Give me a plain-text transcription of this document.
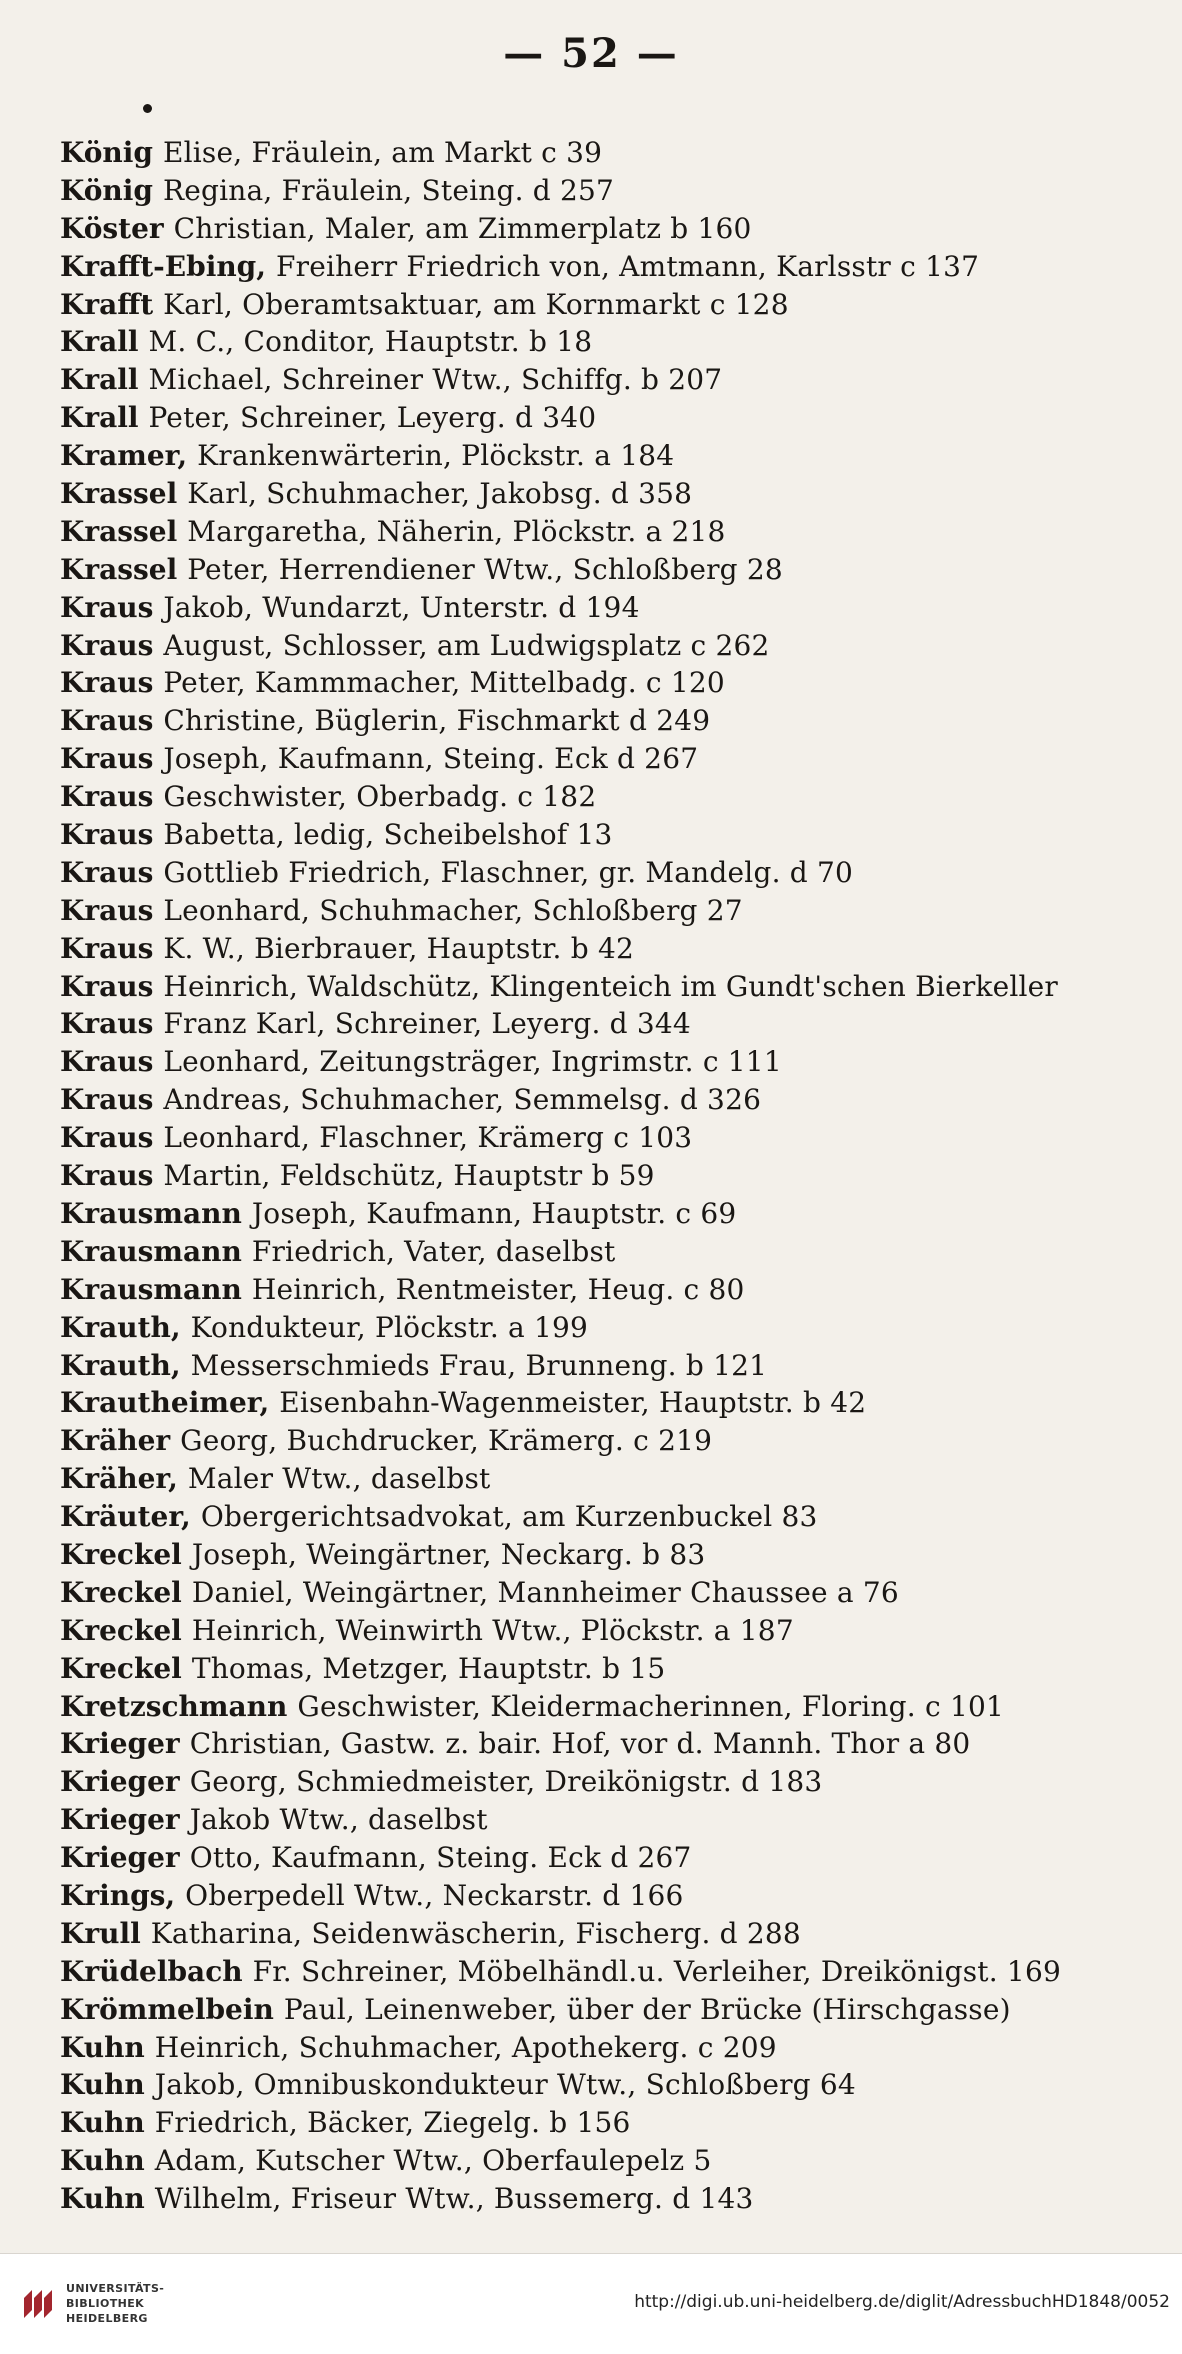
— 52 —
König Elise, Fräulein, am Markt c 39
König Regina, Fräulein, Steing. d 257
Köster Christian, Maler, am Zimmerplatz b 160
Krafft-Ebing, Freiherr Friedrich von, Amtmann, Karlsstr c 137
Krafft Karl, Oberamtsaktuar, am Kornmarkt c 128
Krall M. C., Conditor, Hauptstr. b 18
Krall Michael, Schreiner Wtw., Schiffg. b 207
Krall Peter, Schreiner, Leyerg. d 340
Kramer, Krankenwärterin, Plöckstr. a 184
Krassel Karl, Schuhmacher, Jakobsg. d 358
Krassel Margaretha, Näherin, Plöckstr. a 218
Krassel Peter, Herrendiener Wtw., Schloßberg 28
Kraus Jakob, Wundarzt, Unterstr. d 194
Kraus August, Schlosser, am Ludwigsplatz c 262
Kraus Peter, Kammmacher, Mittelbadg. c 120
Kraus Christine, Büglerin, Fischmarkt d 249
Kraus Joseph, Kaufmann, Steing. Eck d 267
Kraus Geschwister, Oberbadg. c 182
Kraus Babetta, ledig, Scheibelshof 13
Kraus Gottlieb Friedrich, Flaschner, gr. Mandelg. d 70
Kraus Leonhard, Schuhmacher, Schloßberg 27
Kraus K. W., Bierbrauer, Hauptstr. b 42
Kraus Heinrich, Waldschütz, Klingenteich im Gundt'schen Bierkeller
Kraus Franz Karl, Schreiner, Leyerg. d 344
Kraus Leonhard, Zeitungsträger, Ingrimstr. c 111
Kraus Andreas, Schuhmacher, Semmelsg. d 326
Kraus Leonhard, Flaschner, Krämerg c 103
Kraus Martin, Feldschütz, Hauptstr b 59
Krausmann Joseph, Kaufmann, Hauptstr. c 69
Krausmann Friedrich, Vater, daselbst
Krausmann Heinrich, Rentmeister, Heug. c 80
Krauth, Kondukteur, Plöckstr. a 199
Krauth, Messerschmieds Frau, Brunneng. b 121
Krautheimer, Eisenbahn-Wagenmeister, Hauptstr. b 42
Kräher Georg, Buchdrucker, Krämerg. c 219
Kräher, Maler Wtw., daselbst
Kräuter, Obergerichtsadvokat, am Kurzenbuckel 83
Kreckel Joseph, Weingärtner, Neckarg. b 83
Kreckel Daniel, Weingärtner, Mannheimer Chaussee a 76
Kreckel Heinrich, Weinwirth Wtw., Plöckstr. a 187
Kreckel Thomas, Metzger, Hauptstr. b 15
Kretzschmann Geschwister, Kleidermacherinnen, Floring. c 101
Krieger Christian, Gastw. z. bair. Hof, vor d. Mannh. Thor a 80
Krieger Georg, Schmiedmeister, Dreikönigstr. d 183
Krieger Jakob Wtw., daselbst
Krieger Otto, Kaufmann, Steing. Eck d 267
Krings, Oberpedell Wtw., Neckarstr. d 166
Krull Katharina, Seidenwäscherin, Fischerg. d 288
Krüdelbach Fr. Schreiner, Möbelhändl.u. Verleiher, Dreikönigst. 169
Krömmelbein Paul, Leinenweber, über der Brücke (Hirschgasse)
Kuhn Heinrich, Schuhmacher, Apothekerg. c 209
Kuhn Jakob, Omnibuskondukteur Wtw., Schloßberg 64
Kuhn Friedrich, Bäcker, Ziegelg. b 156
Kuhn Adam, Kutscher Wtw., Oberfaulepelz 5
Kuhn Wilhelm, Friseur Wtw., Bussemerg. d 143
UNIVERSITÄTS-
BIBLIOTHEK
HEIDELBERG
http://digi.ub.uni-heidelberg.de/diglit/AdressbuchHD1848/0052
